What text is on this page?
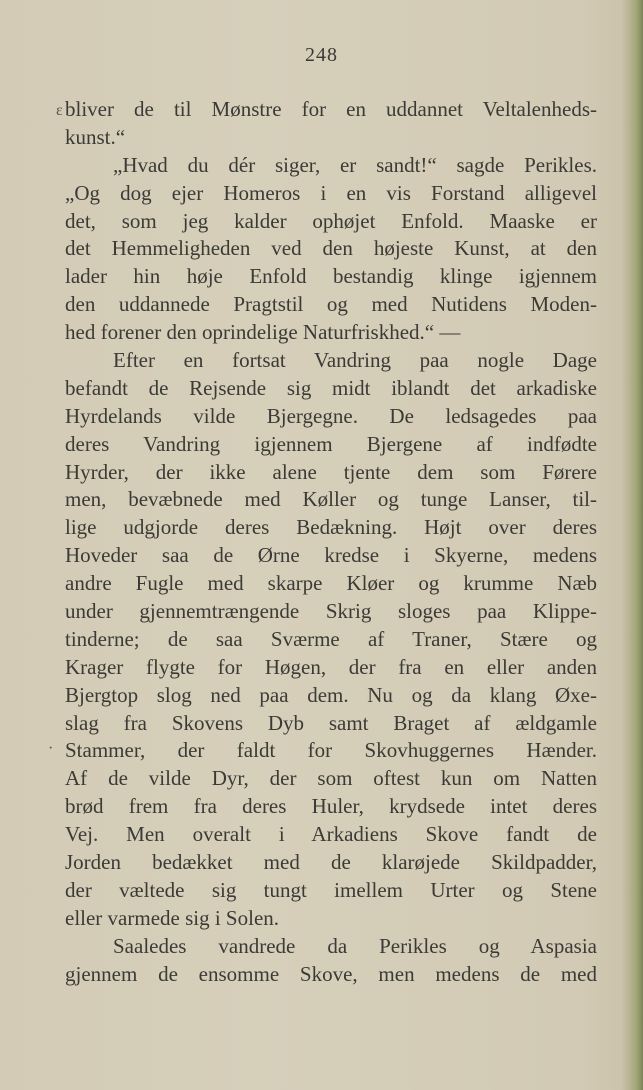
248
ɛ
·
bliver de til Mønstre for en uddannet Veltalenheds-
kunst.“
„Hvad du dér siger, er sandt!“ sagde Perikles.
„Og dog ejer Homeros i en vis Forstand alligevel
det, som jeg kalder ophøjet Enfold. Maaske er
det Hemmeligheden ved den højeste Kunst, at den
lader hin høje Enfold bestandig klinge igjennem
den uddannede Pragtstil og med Nutidens Moden-
hed forener den oprindelige Naturfriskhed.“ —
Efter en fortsat Vandring paa nogle Dage
befandt de Rejsende sig midt iblandt det arkadiske
Hyrdelands vilde Bjergegne. De ledsagedes paa
deres Vandring igjennem Bjergene af indfødte
Hyrder, der ikke alene tjente dem som Førere
men, bevæbnede med Køller og tunge Lanser, til-
lige udgjorde deres Bedækning. Højt over deres
Hoveder saa de Ørne kredse i Skyerne, medens
andre Fugle med skarpe Kløer og krumme Næb
under gjennemtrængende Skrig sloges paa Klippe-
tinderne; de saa Sværme af Traner, Stære og
Krager flygte for Høgen, der fra en eller anden
Bjergtop slog ned paa dem. Nu og da klang Øxe-
slag fra Skovens Dyb samt Braget af ældgamle
Stammer, der faldt for Skovhuggernes Hænder.
Af de vilde Dyr, der som oftest kun om Natten
brød frem fra deres Huler, krydsede intet deres
Vej. Men overalt i Arkadiens Skove fandt de
Jorden bedækket med de klarøjede Skildpadder,
der væltede sig tungt imellem Urter og Stene
eller varmede sig i Solen.
Saaledes vandrede da Perikles og Aspasia
gjennem de ensomme Skove, men medens de med
